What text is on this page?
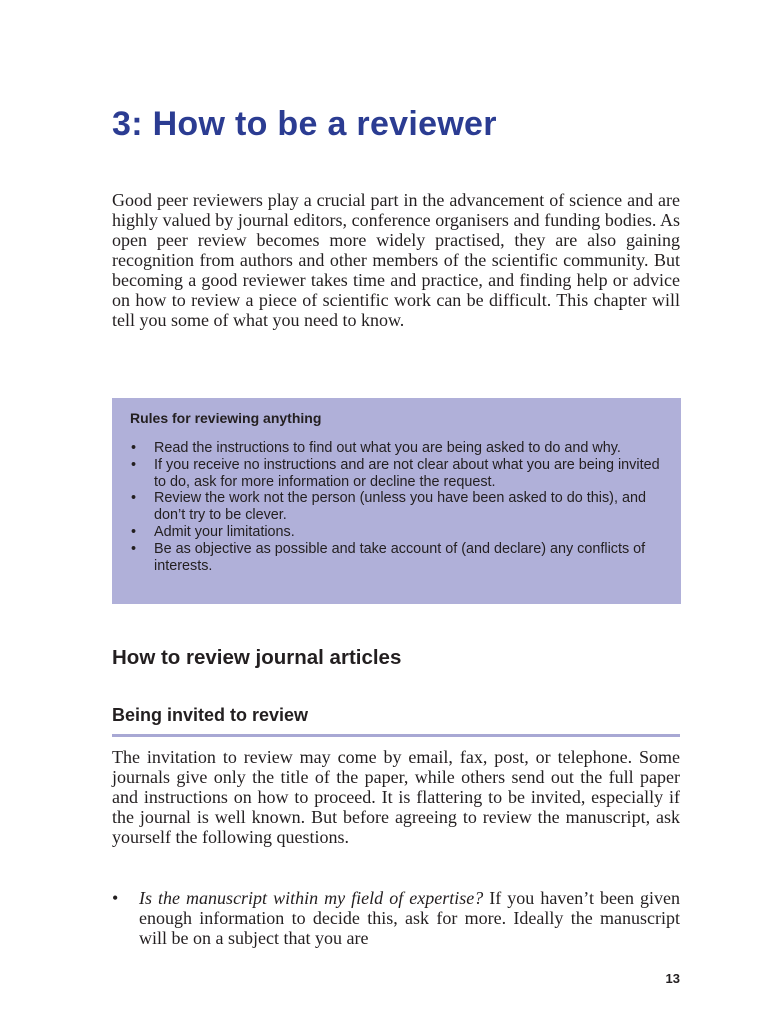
3: How to be a reviewer

Good peer reviewers play a crucial part in the advancement of science and are highly valued by journal editors, conference organisers and funding bodies. As open peer review becomes more widely practised, they are also gaining recognition from authors and other members of the scientific community. But becoming a good reviewer takes time and practice, and finding help or advice on how to review a piece of scientific work can be difficult. This chapter will tell you some of what you need to know.

Rules for reviewing anything

• Read the instructions to find out what you are being asked to do and why.
• If you receive no instructions and are not clear about what you are being invited to do, ask for more information or decline the request.
• Review the work not the person (unless you have been asked to do this), and don’t try to be clever.
• Admit your limitations.
• Be as objective as possible and take account of (and declare) any conflicts of interests.
How to review journal articles
Being invited to review

The invitation to review may come by email, fax, post, or telephone. Some journals give only the title of the paper, while others send out the full paper and instructions on how to proceed. It is flattering to be invited, especially if the journal is well known. But before agreeing to review the manuscript, ask yourself the following questions.

• Is the manuscript within my field of expertise? If you haven’t been given enough information to decide this, ask for more. Ideally the manuscript will be on a subject that you are
13
